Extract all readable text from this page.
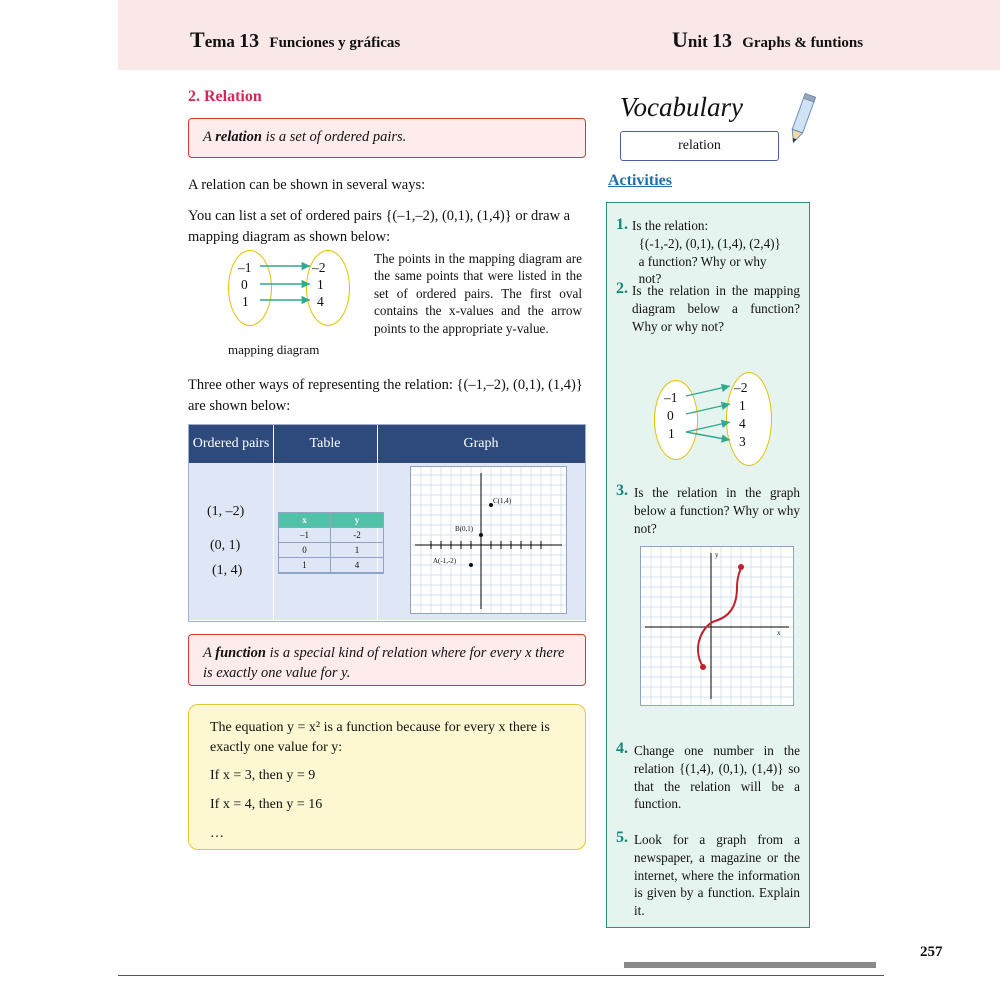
Tema 13 Funciones y gráficas	Unit 13 Graphs & funtions
2. Relation
A relation is a set of ordered pairs.
A relation can be shown in several ways:
You can list a set of ordered pairs {(–1,–2), (0,1), (1,4)} or draw a mapping diagram as shown below:
–1
0
1
–2
1
4
mapping diagram
The points in the mapping diagram are the same points that were listed in the set of ordered pairs. The first oval contains the x-values and the arrow points to the appropriate y-value.
Three other ways of representing the relation: {(–1,–2), (0,1), (1,4)} are shown below:
Ordered pairs	Table	Graph
(1, –2)
(0, 1)
(1, 4)
x	y
–1	-2
0	1
1	4
C(1,4)
B(0,1)
A(-1,-2)
A function is a special kind of relation where for every x there is exactly one value for y.
The equation y = x² is a function because for every x there is exactly one value for y:
If x = 3, then y = 9
If x = 4, then y = 16
…
Vocabulary
relation
Activities
1. Is the relation:
{(-1,-2), (0,1), (1,4), (2,4)}
a function? Why or why
not?
2. Is the relation in the mapping diagram below a function? Why or why not?
–1
0
1
–2
1
4
3
3. Is the relation in the graph below a function? Why or why not?
y
x
4. Change one number in the relation {(1,4), (0,1), (1,4)} so that the relation will be a function.
5. Look for a graph from a newspaper, a magazine or the internet, where the information is given by a function. Explain it.
257
